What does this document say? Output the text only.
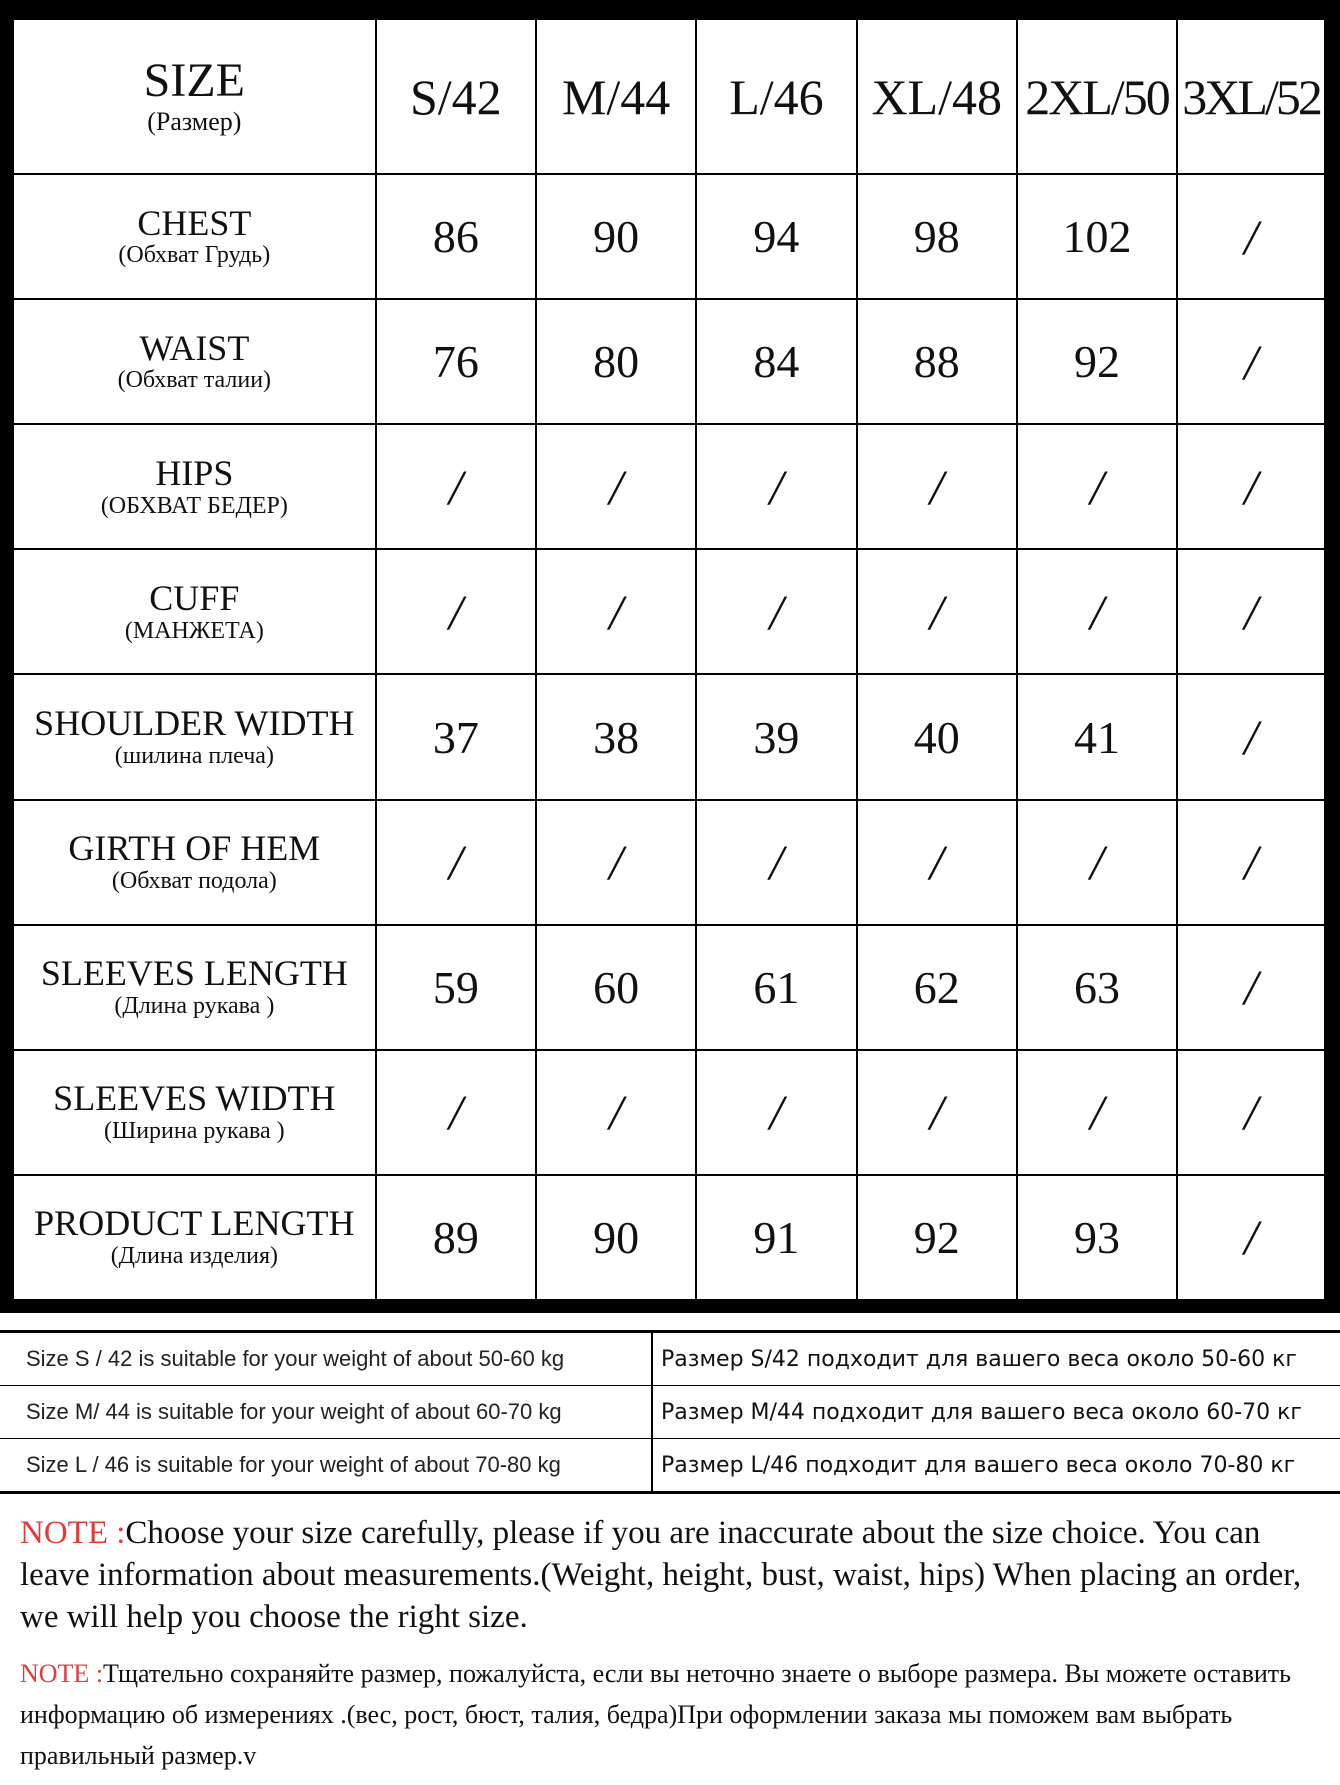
SIZE
(Размер)	S/42	M/44	L/46	XL/48	2XL/50	3XL/52

CHEST
(Обхват Грудь)	86	90	94	98	102	/

WAIST
(Обхват талии)	76	80	84	88	92	/

HIPS
(ОБХВАТ БЕДЕР)	/	/	/	/	/	/

CUFF
(МАНЖЕТА)	/	/	/	/	/	/

SHOULDER WIDTH
(шилина плеча)	37	38	39	40	41	/

GIRTH OF HEM
(Обхват подола)	/	/	/	/	/	/

SLEEVES LENGTH
(Длина рукава )	59	60	61	62	63	/

SLEEVES WIDTH
(Ширина рукава )	/	/	/	/	/	/

PRODUCT LENGTH
(Длина изделия)	89	90	91	92	93	/
Size S / 42 is suitable for your weight of about 50-60 kg	Размер S/42 подходит для вашего веса около 50-60 кг
Size M/ 44 is suitable for your weight of about 60-70 kg	Размер M/44 подходит для вашего веса около 60-70 кг
Size L / 46 is suitable for your weight of about 70-80 kg	Размер L/46 подходит для вашего веса около 70-80 кг
NOTE :Choose your size carefully, please if you are inaccurate about the size choice. You can leave information about measurements.(Weight, height, bust, waist, hips) When placing an order, we will help you choose the right size.
NOTE :Тщательно сохраняйте размер, пожалуйста, если вы неточно знаете о выборе размера. Вы можете оставить информацию об измерениях .(вес, рост, бюст, талия, бедра)При оформлении заказа мы поможем вам выбрать правильный размер.v
